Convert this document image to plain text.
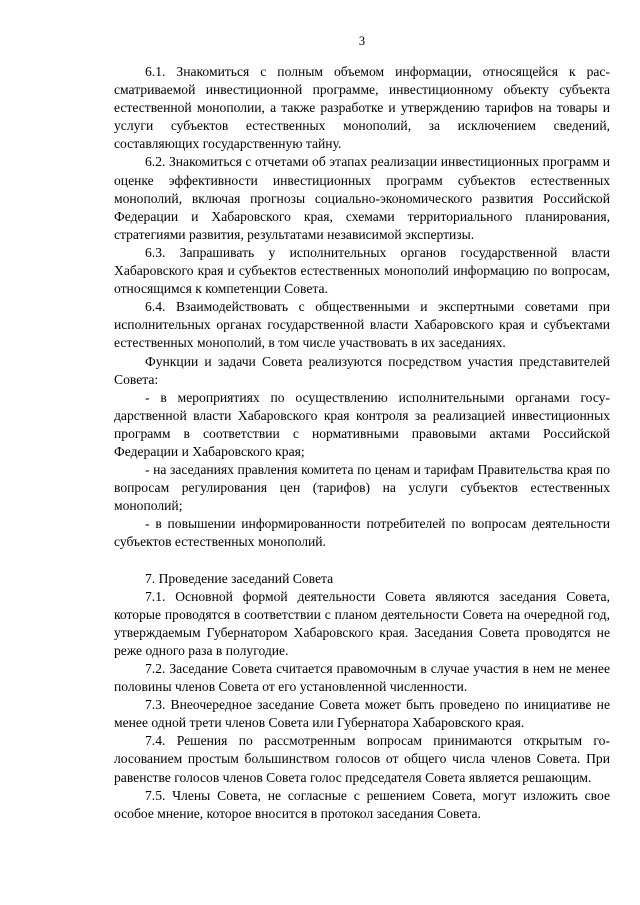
3

6.1. Знакомиться с полным объемом информации, относящейся к рассматриваемой инвестиционной программе, инвестиционному объекту субъекта естественной монополии, а также разработке и утверждению тарифов на товары и услуги субъектов естественных монополий, за исключением сведений, составляющих государственную тайну.

6.2. Знакомиться с отчетами об этапах реализации инвестиционных программ и оценке эффективности инвестиционных программ субъектов естественных монополий, включая прогнозы социально-экономического развития Российской Федерации и Хабаровского края, схемами территориального планирования, стратегиями развития, результатами независимой экспертизы.

6.3. Запрашивать у исполнительных органов государственной власти Хабаровского края и субъектов естественных монополий информацию по вопросам, относящимся к компетенции Совета.

6.4. Взаимодействовать с общественными и экспертными советами при исполнительных органах государственной власти Хабаровского края и субъектами естественных монополий, в том числе участвовать в их заседаниях.

Функции и задачи Совета реализуются посредством участия представителей Совета:

- в мероприятиях по осуществлению исполнительными органами государственной власти Хабаровского края контроля за реализацией инвестиционных программ в соответствии с нормативными правовыми актами Российской Федерации и Хабаровского края;

- на заседаниях правления комитета по ценам и тарифам Правительства края по вопросам регулирования цен (тарифов) на услуги субъектов естественных монополий;

- в повышении информированности потребителей по вопросам деятельности субъектов естественных монополий.

7. Проведение заседаний Совета

7.1. Основной формой деятельности Совета являются заседания Совета, которые проводятся в соответствии с планом деятельности Совета на очередной год, утверждаемым Губернатором Хабаровского края. Заседания Совета проводятся не реже одного раза в полугодие.

7.2. Заседание Совета считается правомочным в случае участия в нем не менее половины членов Совета от его установленной численности.

7.3. Внеочередное заседание Совета может быть проведено по инициативе не менее одной трети членов Совета или Губернатора Хабаровского края.

7.4. Решения по рассмотренным вопросам принимаются открытым голосованием простым большинством голосов от общего числа членов Совета. При равенстве голосов членов Совета голос председателя Совета является решающим.

7.5. Члены Совета, не согласные с решением Совета, могут изложить свое особое мнение, которое вносится в протокол заседания Совета.
